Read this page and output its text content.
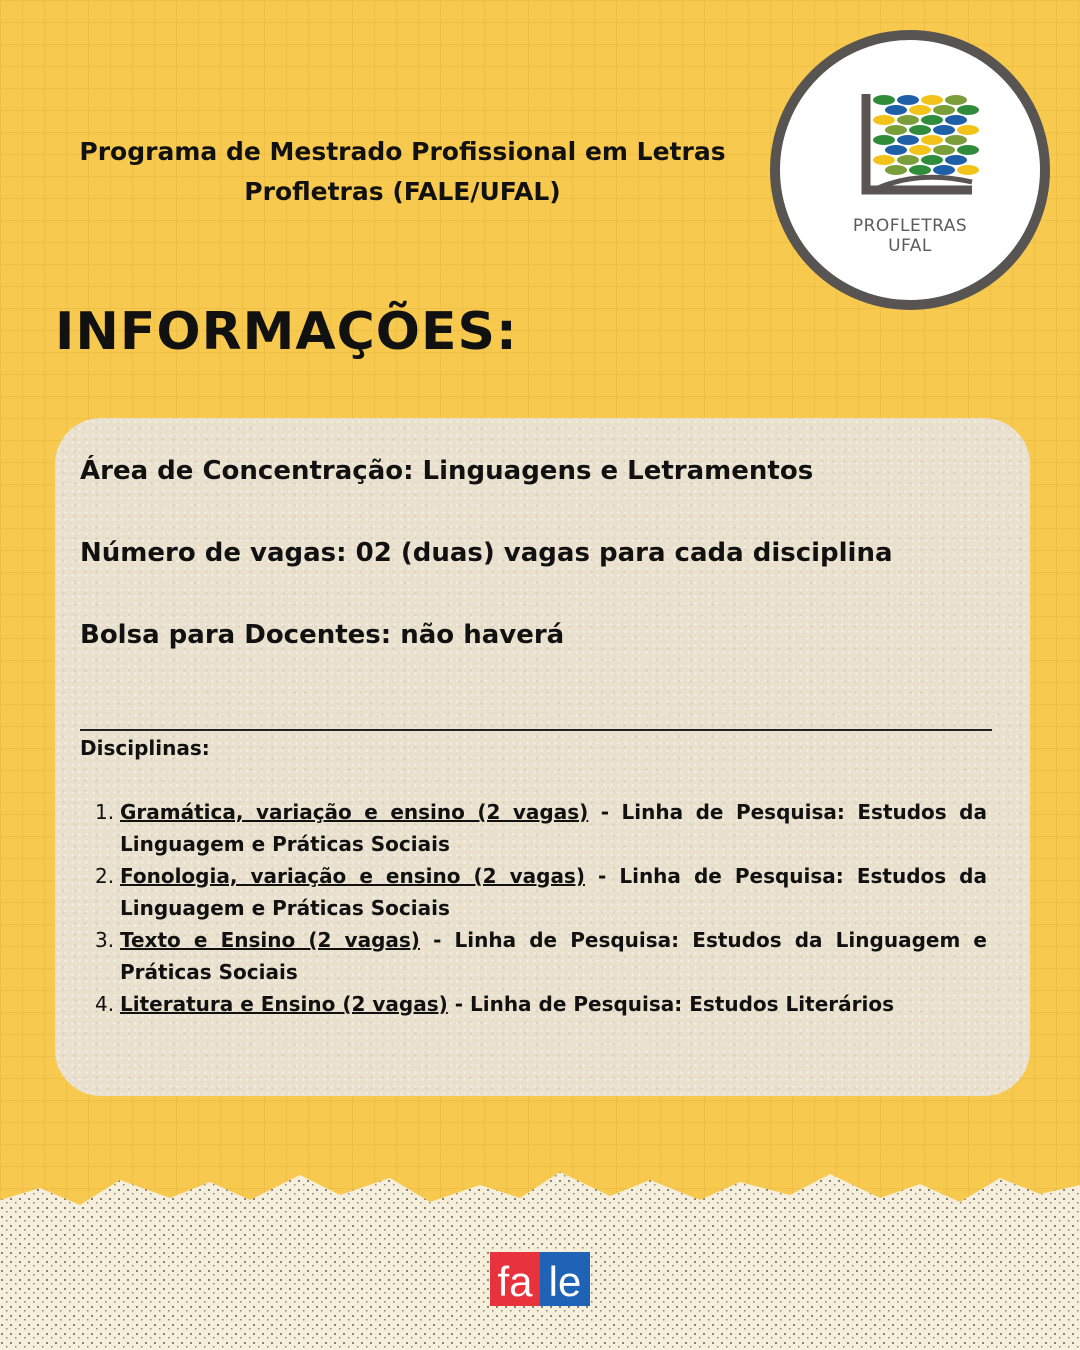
Programa de Mestrado Profissional em Letras
Profletras (FALE/UFAL)
PROFLETRAS
UFAL
INFORMAÇÕES:
Área de Concentração: Linguagens e Letramentos
Número de vagas: 02 (duas) vagas para cada disciplina
Bolsa para Docentes: não haverá
Disciplinas:
1. Gramática, variação e ensino (2 vagas) - Linha de Pesquisa: Estudos da Linguagem e Práticas Sociais
2. Fonologia, variação e ensino (2 vagas) - Linha de Pesquisa: Estudos da Linguagem e Práticas Sociais
3. Texto e Ensino (2 vagas) - Linha de Pesquisa: Estudos da Linguagem e Práticas Sociais
4. Literatura e Ensino (2 vagas) - Linha de Pesquisa: Estudos Literários
fa le
